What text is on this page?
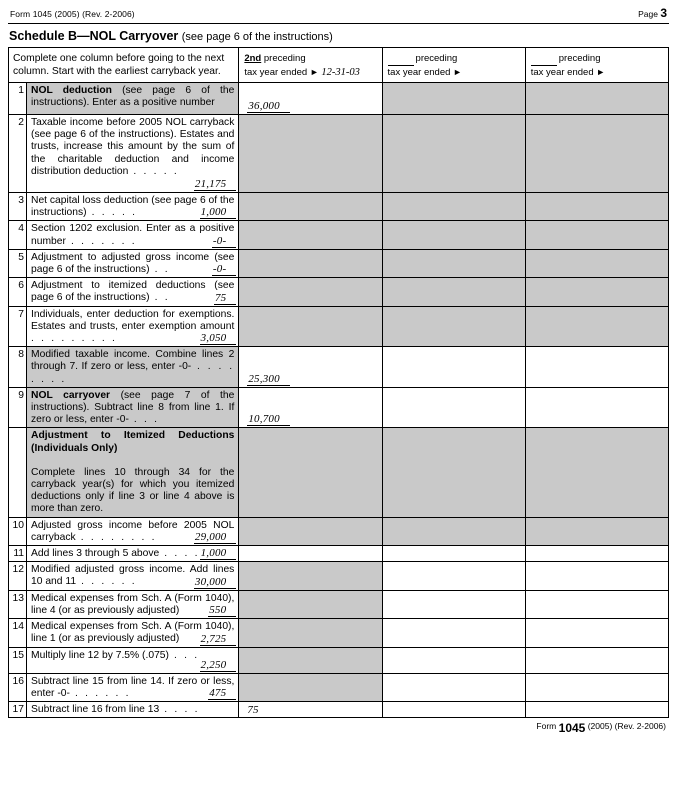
Form 1045 (2005) (Rev. 2-2006)	Page 3
Schedule B—NOL Carryover (see page 6 of the instructions)
Complete one column before going to the next column. Start with the earliest carryback year.		2nd preceding
tax year ended ► 12-31-03	preceding
tax year ended ►	preceding
tax year ended ►

1	NOL deduction (see page 6 of the instructions). Enter as a positive number	36,000		

2	Taxable income before 2005 NOL carryback (see page 6 of the instructions). Estates and trusts, increase this amount by the sum of the charitable deduction and income distribution deduction . . . . .
21,175			

3	Net capital loss deduction (see page 6 of the instructions) . . . . . 1,000			

4	Section 1202 exclusion. Enter as a positive number . . . . . . . -0-			

5	Adjustment to adjusted gross income (see page 6 of the instructions) . . -0-			

6	Adjustment to itemized deductions (see page 6 of the instructions) . . 75			

7	Individuals, enter deduction for exemptions. Estates and trusts, enter exemption amount . . . . . . . . . 3,050			

8	Modified taxable income. Combine lines 2 through 7. If zero or less, enter -0- . . . . . . . .	25,300		

9	NOL carryover (see page 7 of the instructions). Subtract line 8 from line 1. If zero or less, enter -0- . . .	10,700		

	Adjustment to Itemized Deductions (Individuals Only)
Complete lines 10 through 34 for the carryback year(s) for which you itemized deductions only if line 3 or line 4 above is more than zero.			

10	Adjusted gross income before 2005 NOL carryback . . . . . . . . 29,000			

11	Add lines 3 through 5 above . . . . 1,000			

12	Modified adjusted gross income. Add lines 10 and 11 . . . . . . 30,000			

13	Medical expenses from Sch. A (Form 1040), line 4 (or as previously adjusted) 550			

14	Medical expenses from Sch. A (Form 1040), line 1 (or as previously adjusted) 2,725			

15	Multiply line 12 by 7.5% (.075) . . .
2,250			

16	Subtract line 15 from line 14. If zero or less, enter -0- . . . . . . 475			

17	Subtract line 16 from line 13 . . . .	75		

Form
1045
(2005) (Rev. 2-2006)
